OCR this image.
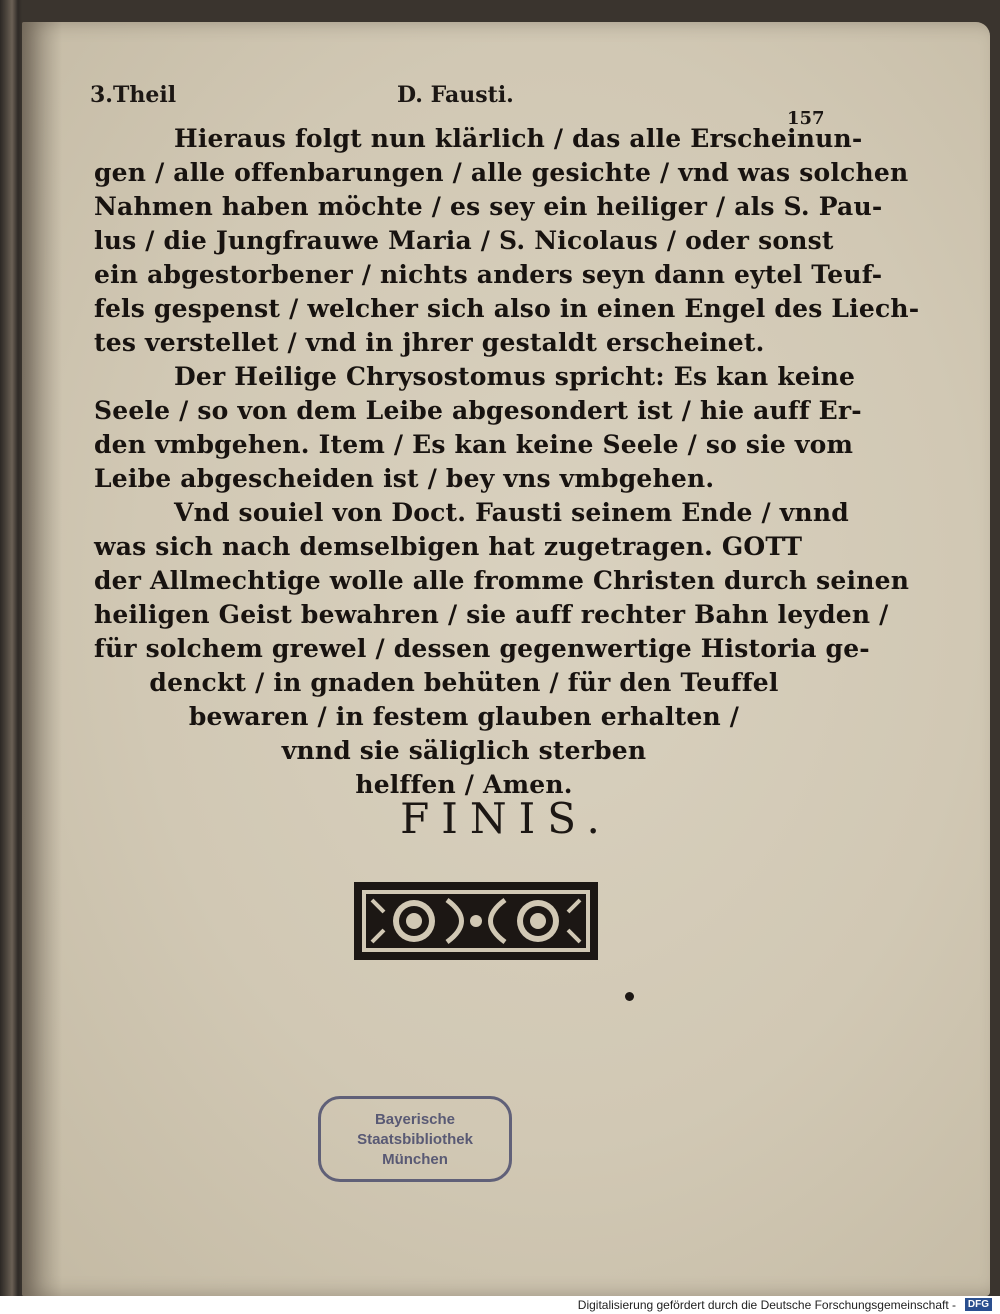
3.Theil	D. Fausti.
157
Hieraus folgt nun klärlich / das alle Erscheinun-
gen / alle offenbarungen / alle gesichte / vnd was solchen
Nahmen haben möchte / es sey ein heiliger / als S. Pau-
lus / die Jungfrauwe Maria / S. Nicolaus / oder sonst
ein abgestorbener / nichts anders seyn dann eytel Teuf-
fels gespenst / welcher sich also in einen Engel des Liech-
tes verstellet / vnd in jhrer gestaldt erscheinet.
Der Heilige Chrysostomus spricht: Es kan keine
Seele / so von dem Leibe abgesondert ist / hie auff Er-
den vmbgehen. Item / Es kan keine Seele / so sie vom
Leibe abgescheiden ist / bey vns vmbgehen.
Vnd souiel von Doct. Fausti seinem Ende / vnnd
was sich nach demselbigen hat zugetragen. GOTT
der Allmechtige wolle alle fromme Christen durch seinen
heiligen Geist bewahren / sie auff rechter Bahn leyden /
für solchem grewel / dessen gegenwertige Historia ge-
denckt / in gnaden behüten / für den Teuffel
bewaren / in festem glauben erhalten /
vnnd sie säliglich sterben
helffen / Amen.
FINIS.
Bayerische
Staatsbibliothek
München
Digitalisierung gefördert durch die Deutsche Forschungsgemeinschaft -	DFG
